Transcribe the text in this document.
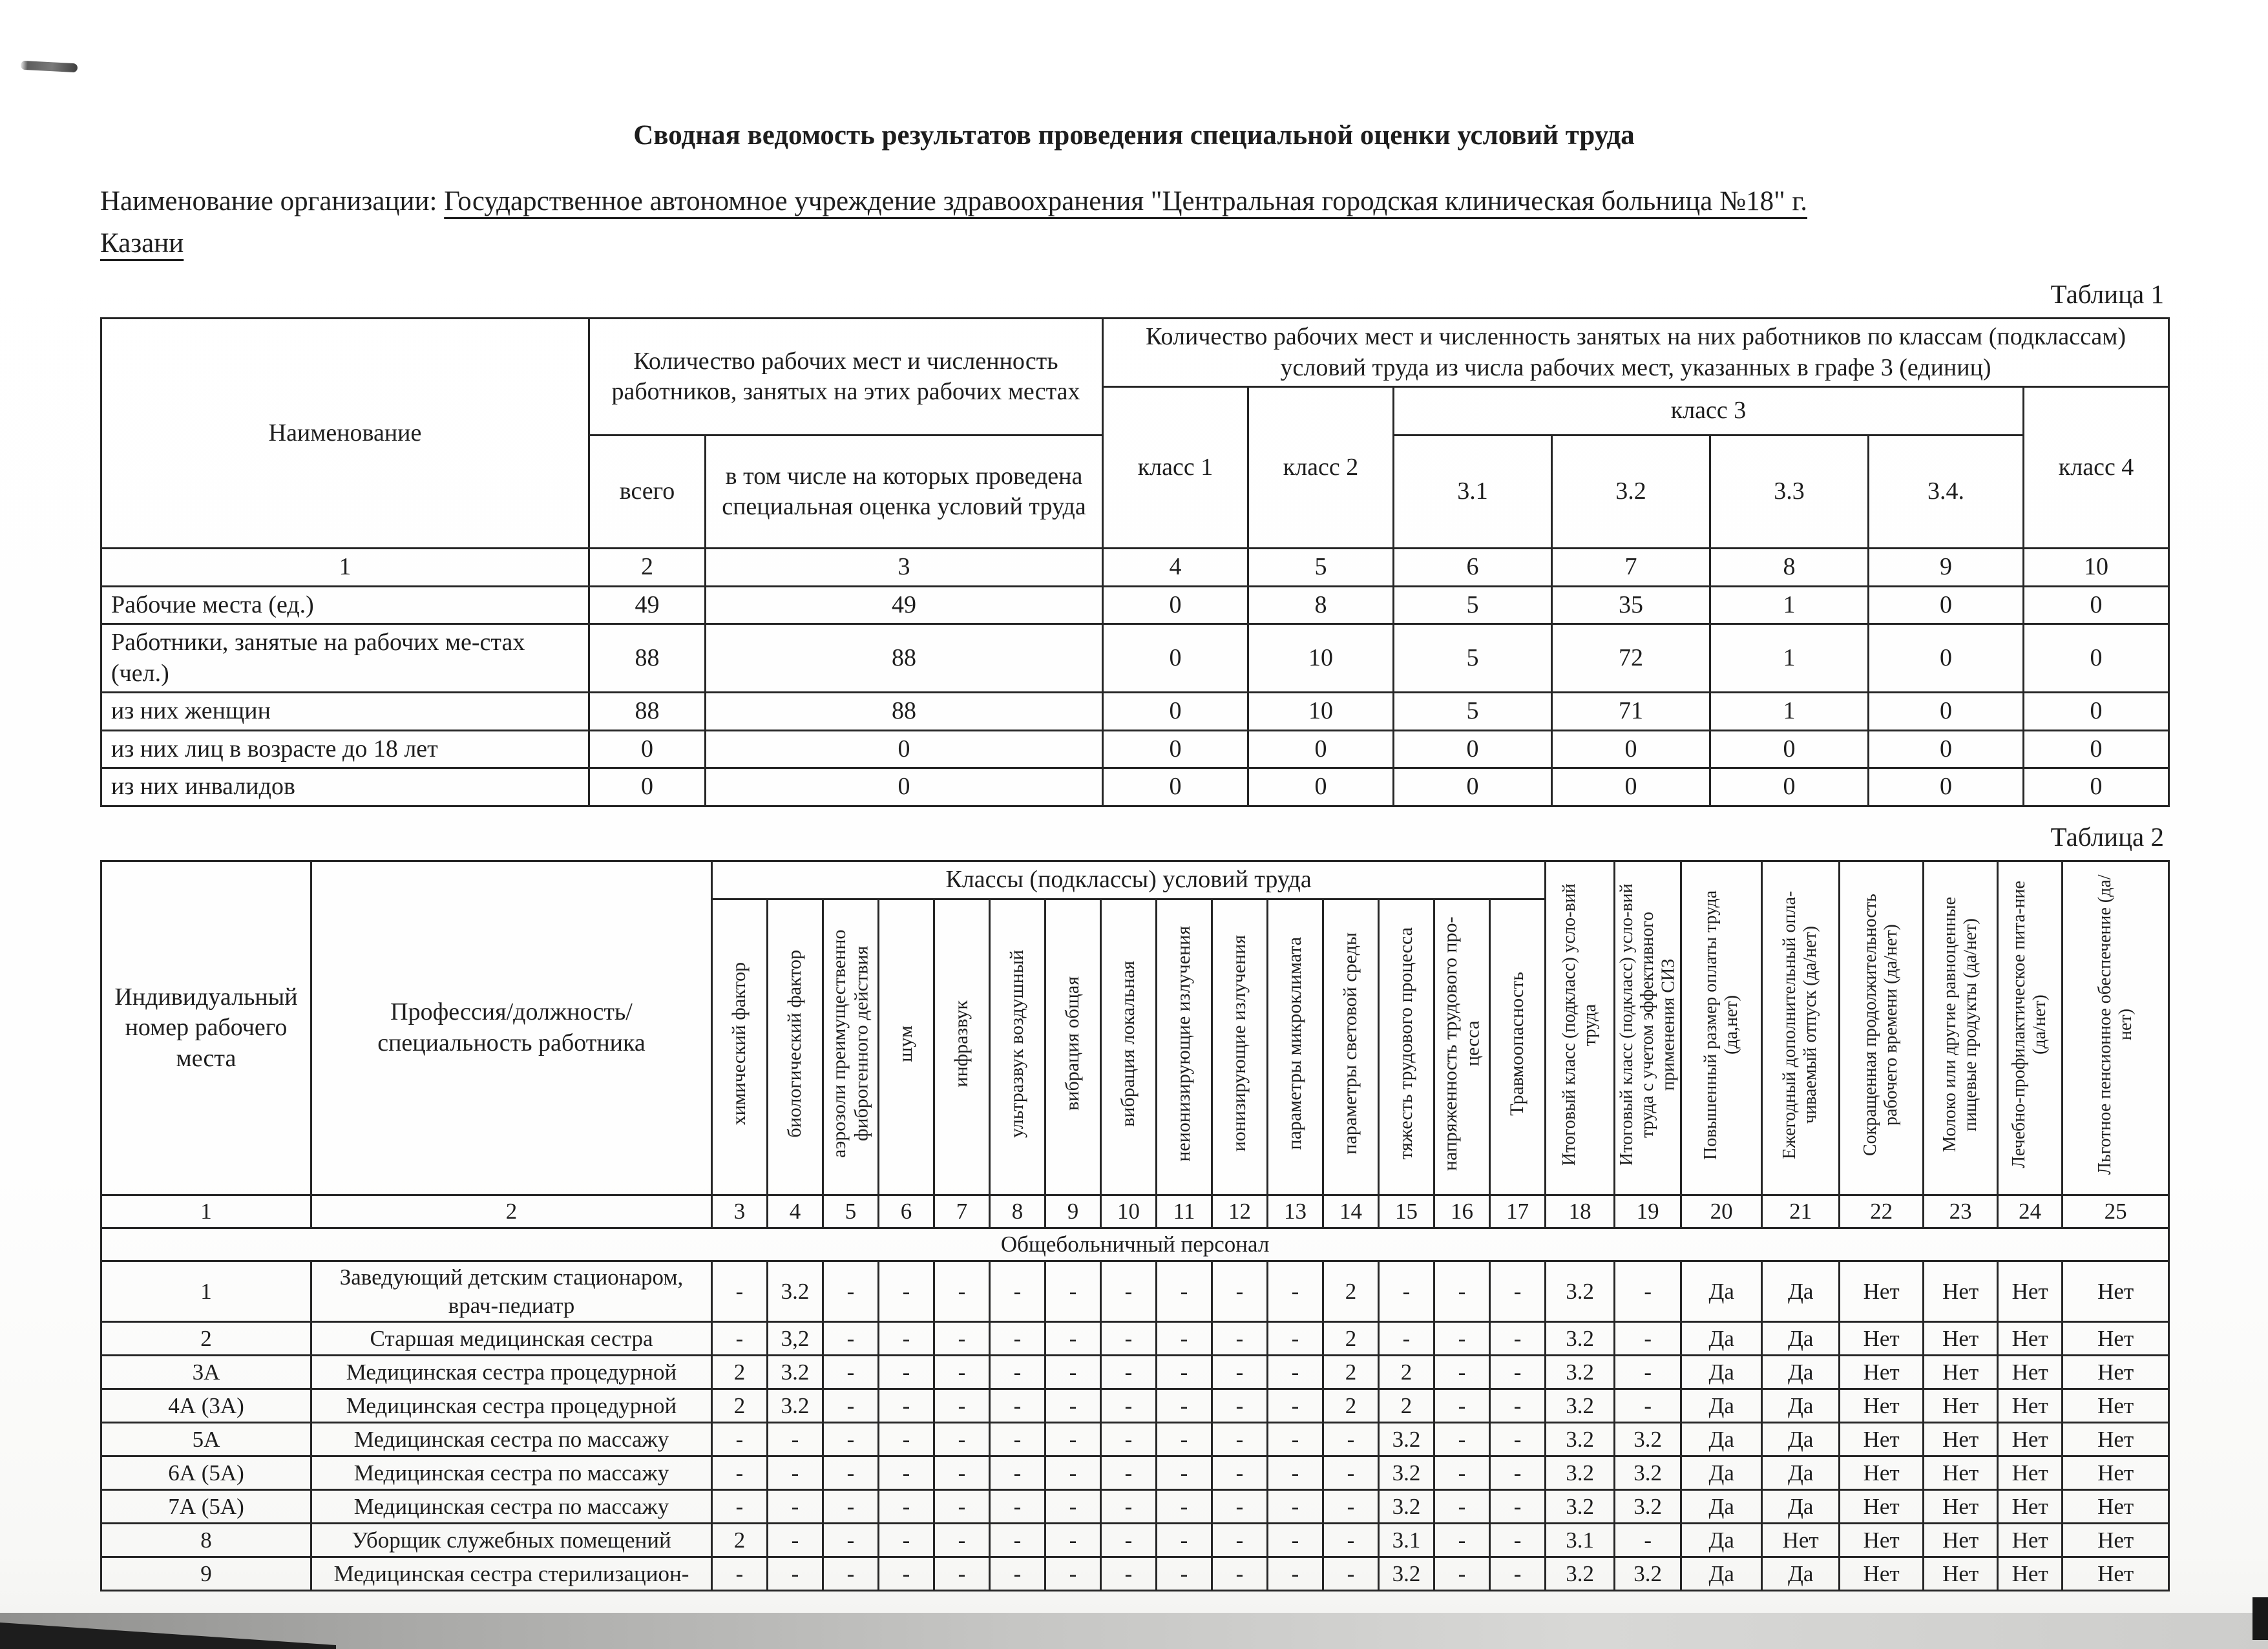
Сводная ведомость результатов проведения специальной оценки условий труда

Наименование организации: Государственное автономное учреждение здравоохранения "Центральная городская клиническая больница №18" г.
Казани

Таблица 1
Наименование	Количество рабочих мест и численность работников, занятых на этих рабочих местах		Количество рабочих мест и численность занятых на них работников по классам (подклассам) условий труда из числа рабочих мест, указанных в графе 3 (единиц)						
			класс 1	класс 2	класс 3				класс 4
	всего	в том числе на которых проведена специальная оценка условий труда			3.1	3.2	3.3	3.4.	
1	2	3	4	5	6	7	8	9	10
Рабочие места (ед.)	49	49	0	8	5	35	1	0	0
Работники, занятые на рабочих ме-стах (чел.)	88	88	0	10	5	72	1	0	0
из них женщин	88	88	0	10	5	71	1	0	0
из них лиц в возрасте до 18 лет	0	0	0	0	0	0	0	0	0
из них инвалидов	0	0	0	0	0	0	0	0	0
Таблица 2
Индивидуальный номер рабочего места	Профессия/должность/специальность работника	Классы (подклассы) условий труда															Итоговый класс (подкласс) усло-вий труда	Итоговый класс (подкласс) усло-вий труда с учетом эффективного применения СИЗ	Повышенный размер оплаты труда (да,нет)	Ежегодный дополнительный опла-чиваемый отпуск (да/нет)	Сокращенная продолжительность рабочего времени (да/нет)	Молоко или другие равноценные пищевые продукты (да/нет)	Лечебно-профилактическое пита-ние (да/нет)	Льготное пенсионное обеспечение (да/нет)
		химический фактор	биологический фактор	аэрозоли преимущественно фиброгенного действия	шум	инфразвук	ультразвук воздушный	вибрация общая	вибрация локальная	неионизирующие излучения	ионизирующие излучения	параметры микроклимата	параметры световой среды	тяжесть трудового процесса	напряженность трудового про-цесса	Травмоопасность								
1	2	3	4	5	6	7	8	9	10	11	12	13	14	15	16	17	18	19	20	21	22	23	24	25
Общебольничный персонал																								
1	Заведующий детским стационаром, врач-педиатр	-	3.2	-	-	-	-	-	-	-	-	-	2	-	-	-	3.2	-	Да	Да	Нет	Нет	Нет	Нет
2	Старшая медицинская сестра	-	3,2	-	-	-	-	-	-	-	-	-	2	-	-	-	3.2	-	Да	Да	Нет	Нет	Нет	Нет
3А	Медицинская сестра процедурной	2	3.2	-	-	-	-	-	-	-	-	-	2	2	-	-	3.2	-	Да	Да	Нет	Нет	Нет	Нет
4А (3А)	Медицинская сестра процедурной	2	3.2	-	-	-	-	-	-	-	-	-	2	2	-	-	3.2	-	Да	Да	Нет	Нет	Нет	Нет
5А	Медицинская сестра по массажу	-	-	-	-	-	-	-	-	-	-	-	-	3.2	-	-	3.2	3.2	Да	Да	Нет	Нет	Нет	Нет
6А (5А)	Медицинская сестра по массажу	-	-	-	-	-	-	-	-	-	-	-	-	3.2	-	-	3.2	3.2	Да	Да	Нет	Нет	Нет	Нет
7А (5А)	Медицинская сестра по массажу	-	-	-	-	-	-	-	-	-	-	-	-	3.2	-	-	3.2	3.2	Да	Да	Нет	Нет	Нет	Нет
8	Уборщик служебных помещений	2	-	-	-	-	-	-	-	-	-	-	-	3.1	-	-	3.1	-	Да	Нет	Нет	Нет	Нет	Нет
9	Медицинская сестра стерилизацион-	-	-	-	-	-	-	-	-	-	-	-	-	3.2	-	-	3.2	3.2	Да	Да	Нет	Нет	Нет	Нет
